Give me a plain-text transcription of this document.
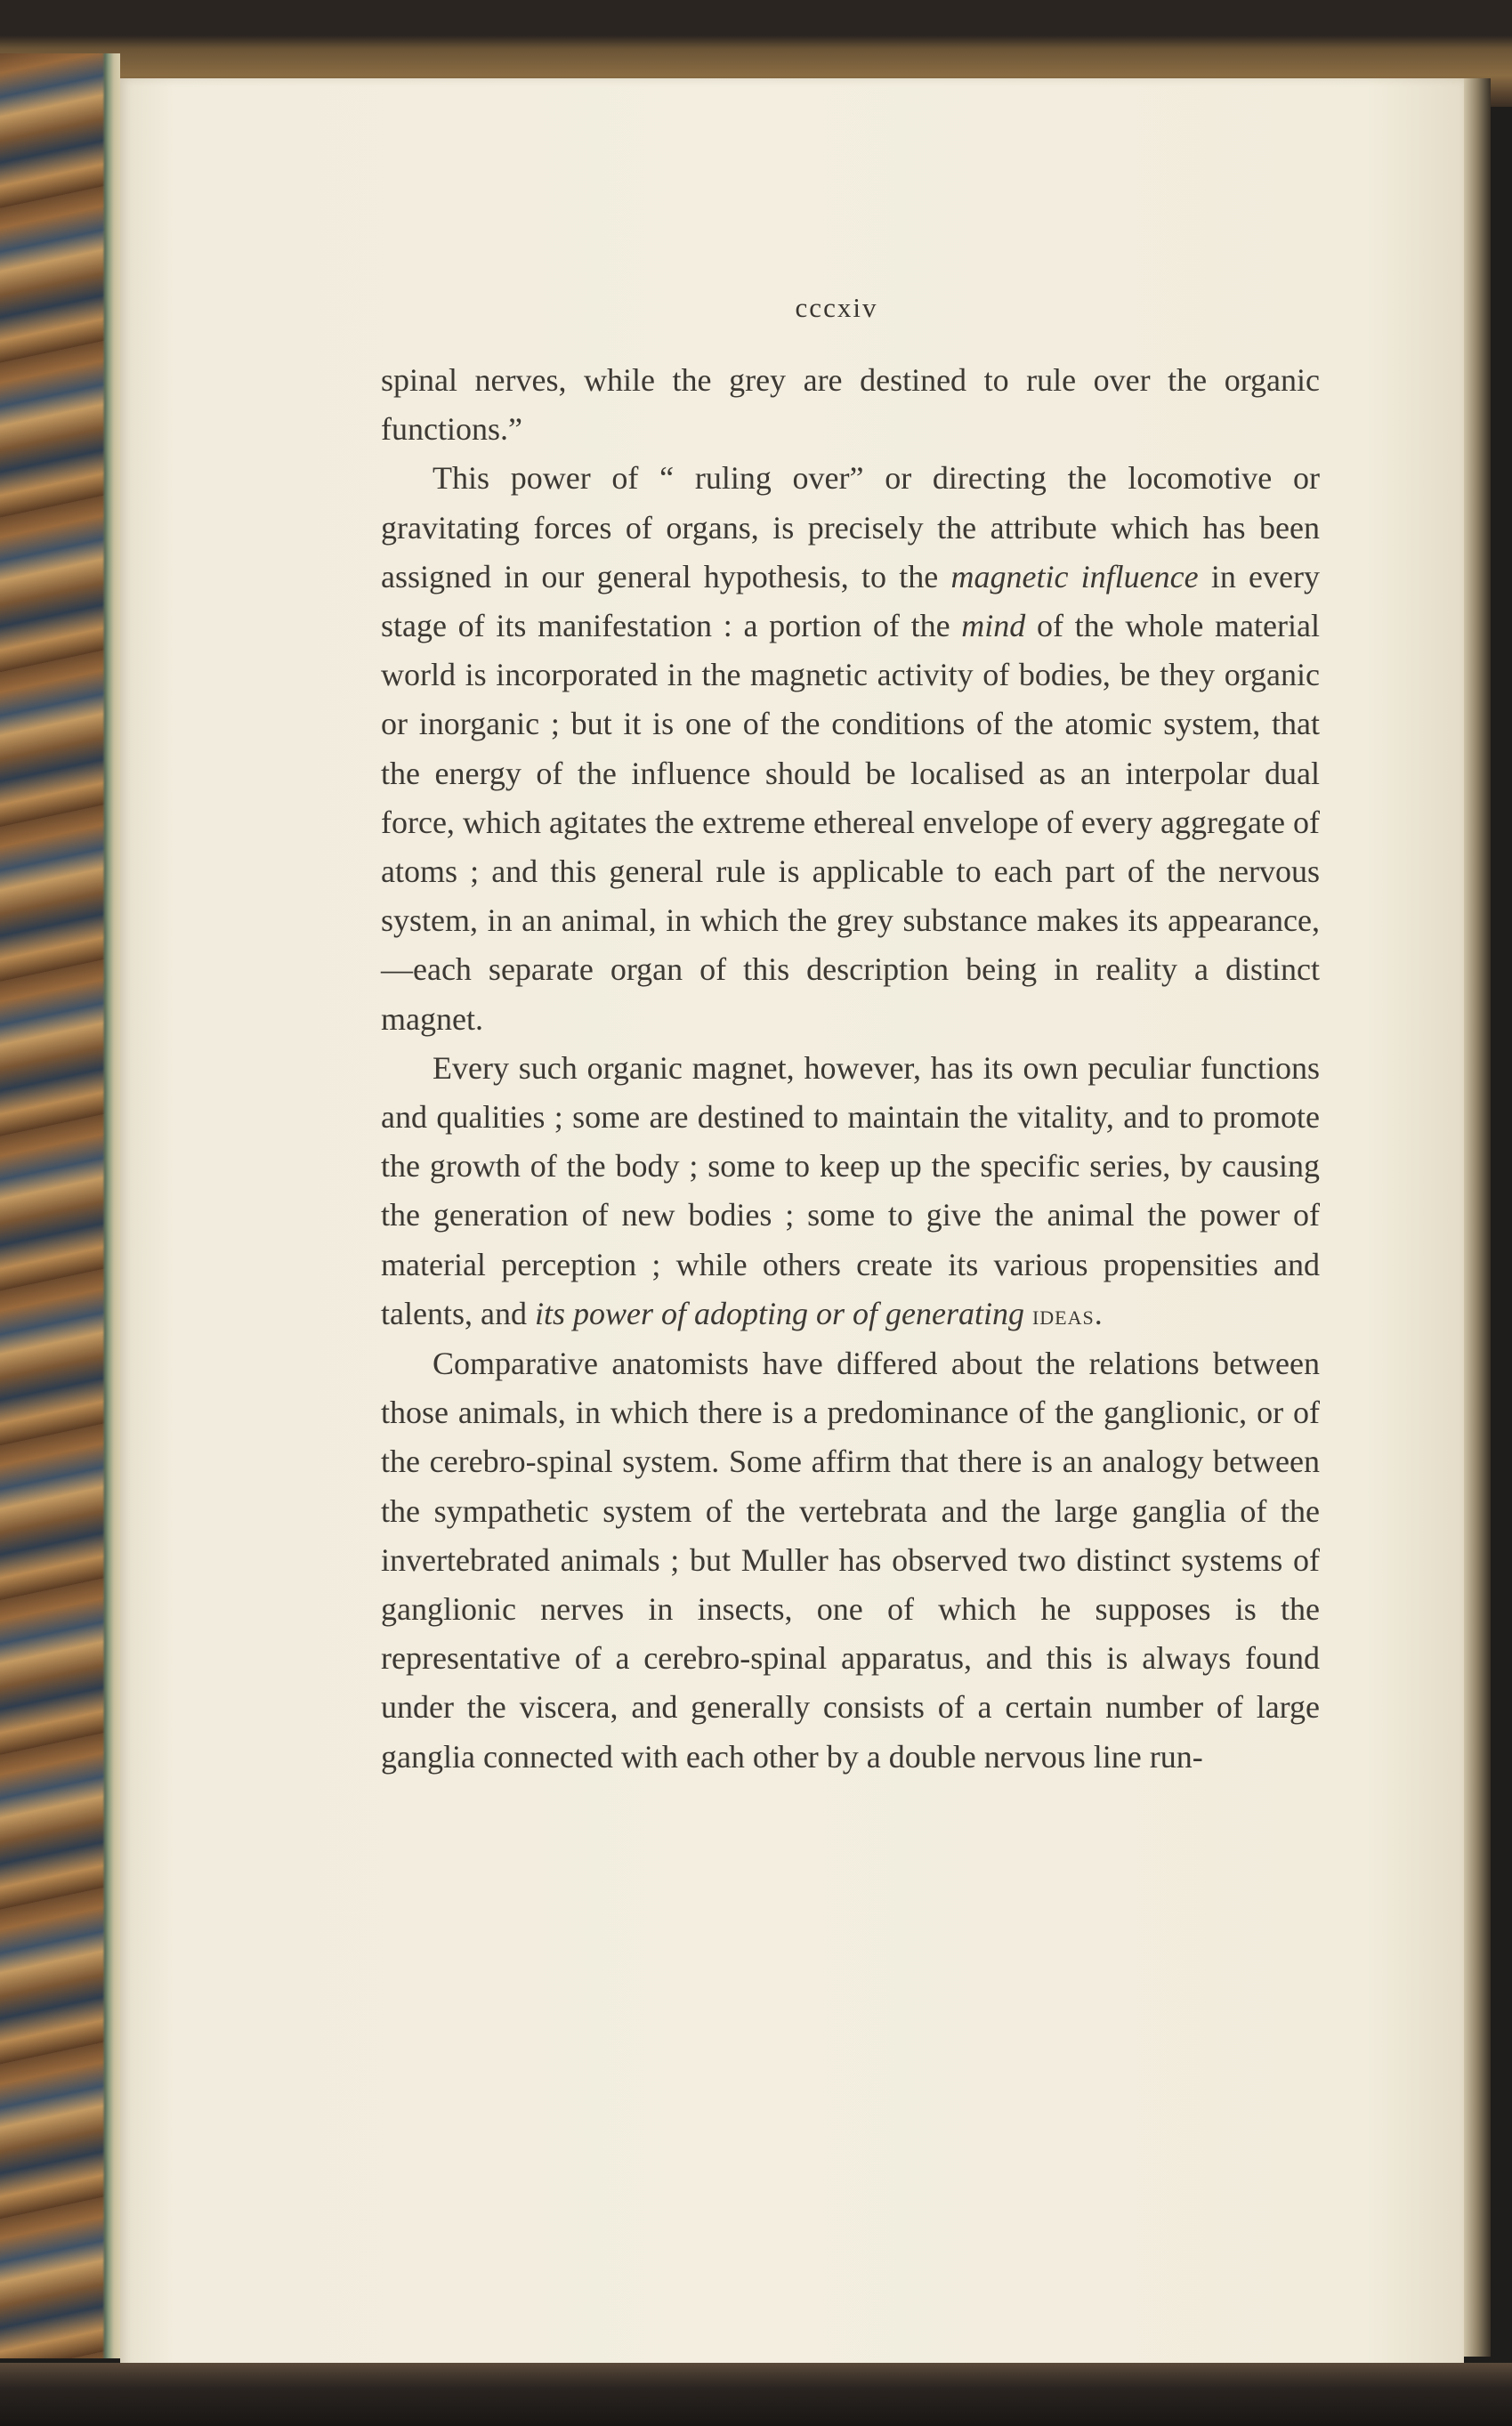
cccxiv

spinal nerves, while the grey are destined to rule over the organic functions.”

This power of “ ruling over” or directing the locomotive or gravitating forces of organs, is precisely the attribute which has been assigned in our general hypothesis, to the magnetic influence in every stage of its manifestation : a portion of the mind of the whole material world is incorporated in the magnetic activity of bodies, be they organic or inorganic ; but it is one of the conditions of the atomic system, that the energy of the influence should be localised as an interpolar dual force, which agitates the extreme ethereal envelope of every aggregate of atoms ; and this general rule is applicable to each part of the nervous system, in an animal, in which the grey substance makes its appearance,—each separate organ of this description being in reality a distinct magnet.

Every such organic magnet, however, has its own peculiar functions and qualities ; some are destined to maintain the vitality, and to promote the growth of the body ; some to keep up the specific series, by causing the generation of new bodies ; some to give the animal the power of material perception ; while others create its various propensities and talents, and its power of adopting or of generating ideas.

Comparative anatomists have differed about the relations between those animals, in which there is a predominance of the ganglionic, or of the cerebro-spinal system. Some affirm that there is an analogy between the sympathetic system of the vertebrata and the large ganglia of the invertebrated animals ; but Muller has observed two distinct systems of ganglionic nerves in insects, one of which he supposes is the representative of a cerebro-spinal apparatus, and this is always found under the viscera, and generally consists of a certain number of large ganglia connected with each other by a double nervous line run-
